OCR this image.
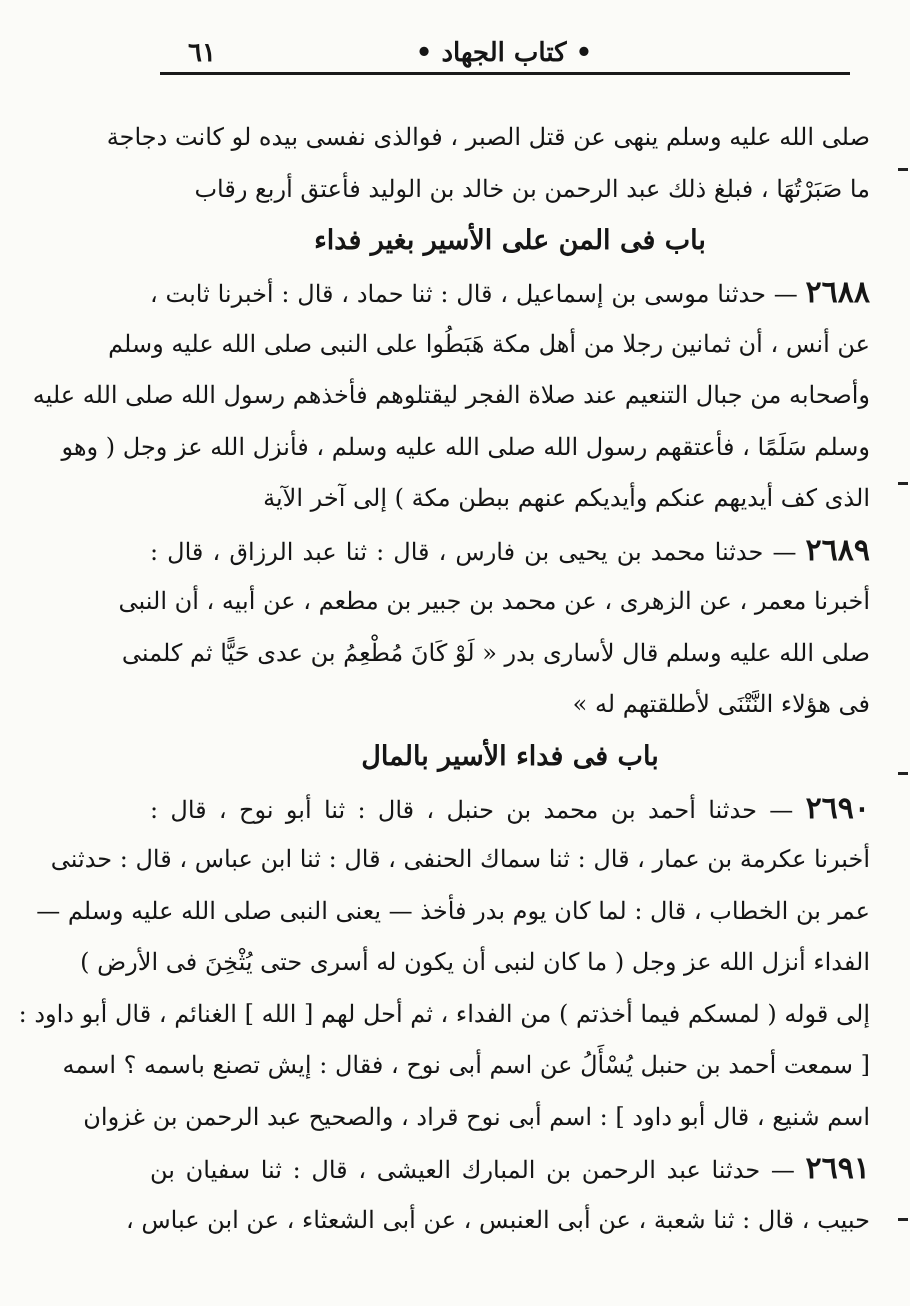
• كتاب الجهاد •
٦١
صلى الله عليه وسلم ينهى عن قتل الصبر ، فوالذى نفسى بيده لو كانت دجاجة
ما صَبَرْتُهَا ، فبلغ ذلك عبد الرحمن بن خالد بن الوليد فأعتق أربع رقاب
باب فى المن على الأسير بغير فداء
٢٦٨٨ — حدثنا موسى بن إسماعيل ، قال : ثنا حماد ، قال : أخبرنا ثابت ،
عن أنس ، أن ثمانين رجلا من أهل مكة هَبَطُوا على النبى صلى الله عليه وسلم
وأصحابه من جبال التنعيم عند صلاة الفجر ليقتلوهم فأخذهم رسول الله صلى الله عليه
وسلم سَلَمًا ، فأعتقهم رسول الله صلى الله عليه وسلم ، فأنزل الله عز وجل ( وهو
الذى كف أيديهم عنكم وأيديكم عنهم ببطن مكة ) إلى آخر الآية
٢٦٨٩ — حدثنا محمد بن يحيى بن فارس ، قال : ثنا عبد الرزاق ، قال :
أخبرنا معمر ، عن الزهرى ، عن محمد بن جبير بن مطعم ، عن أبيه ، أن النبى
صلى الله عليه وسلم قال لأسارى بدر « لَوْ كَانَ مُطْعِمُ بن عدى حَيًّا ثم كلمنى
فى هؤلاء النَّتْنَى لأطلقتهم له »
باب فى فداء الأسير بالمال
٢٦٩٠ — حدثنا أحمد بن محمد بن حنبل ، قال : ثنا أبو نوح ، قال :
أخبرنا عكرمة بن عمار ، قال : ثنا سماك الحنفى ، قال : ثنا ابن عباس ، قال : حدثنى
عمر بن الخطاب ، قال : لما كان يوم بدر فأخذ — يعنى النبى صلى الله عليه وسلم —
الفداء أنزل الله عز وجل ( ما كان لنبى أن يكون له أسرى حتى يُثْخِنَ فى الأرض )
إلى قوله ( لمسكم فيما أخذتم ) من الفداء ، ثم أحل لهم [ الله ] الغنائم ، قال أبو داود :
[ سمعت أحمد بن حنبل يُسْأَلُ عن اسم أبى نوح ، فقال : إيش تصنع باسمه ؟ اسمه
اسم شنيع ، قال أبو داود ] : اسم أبى نوح قراد ، والصحيح عبد الرحمن بن غزوان
٢٦٩١ — حدثنا عبد الرحمن بن المبارك العيشى ، قال : ثنا سفيان بن
حبيب ، قال : ثنا شعبة ، عن أبى العنبس ، عن أبى الشعثاء ، عن ابن عباس ،
